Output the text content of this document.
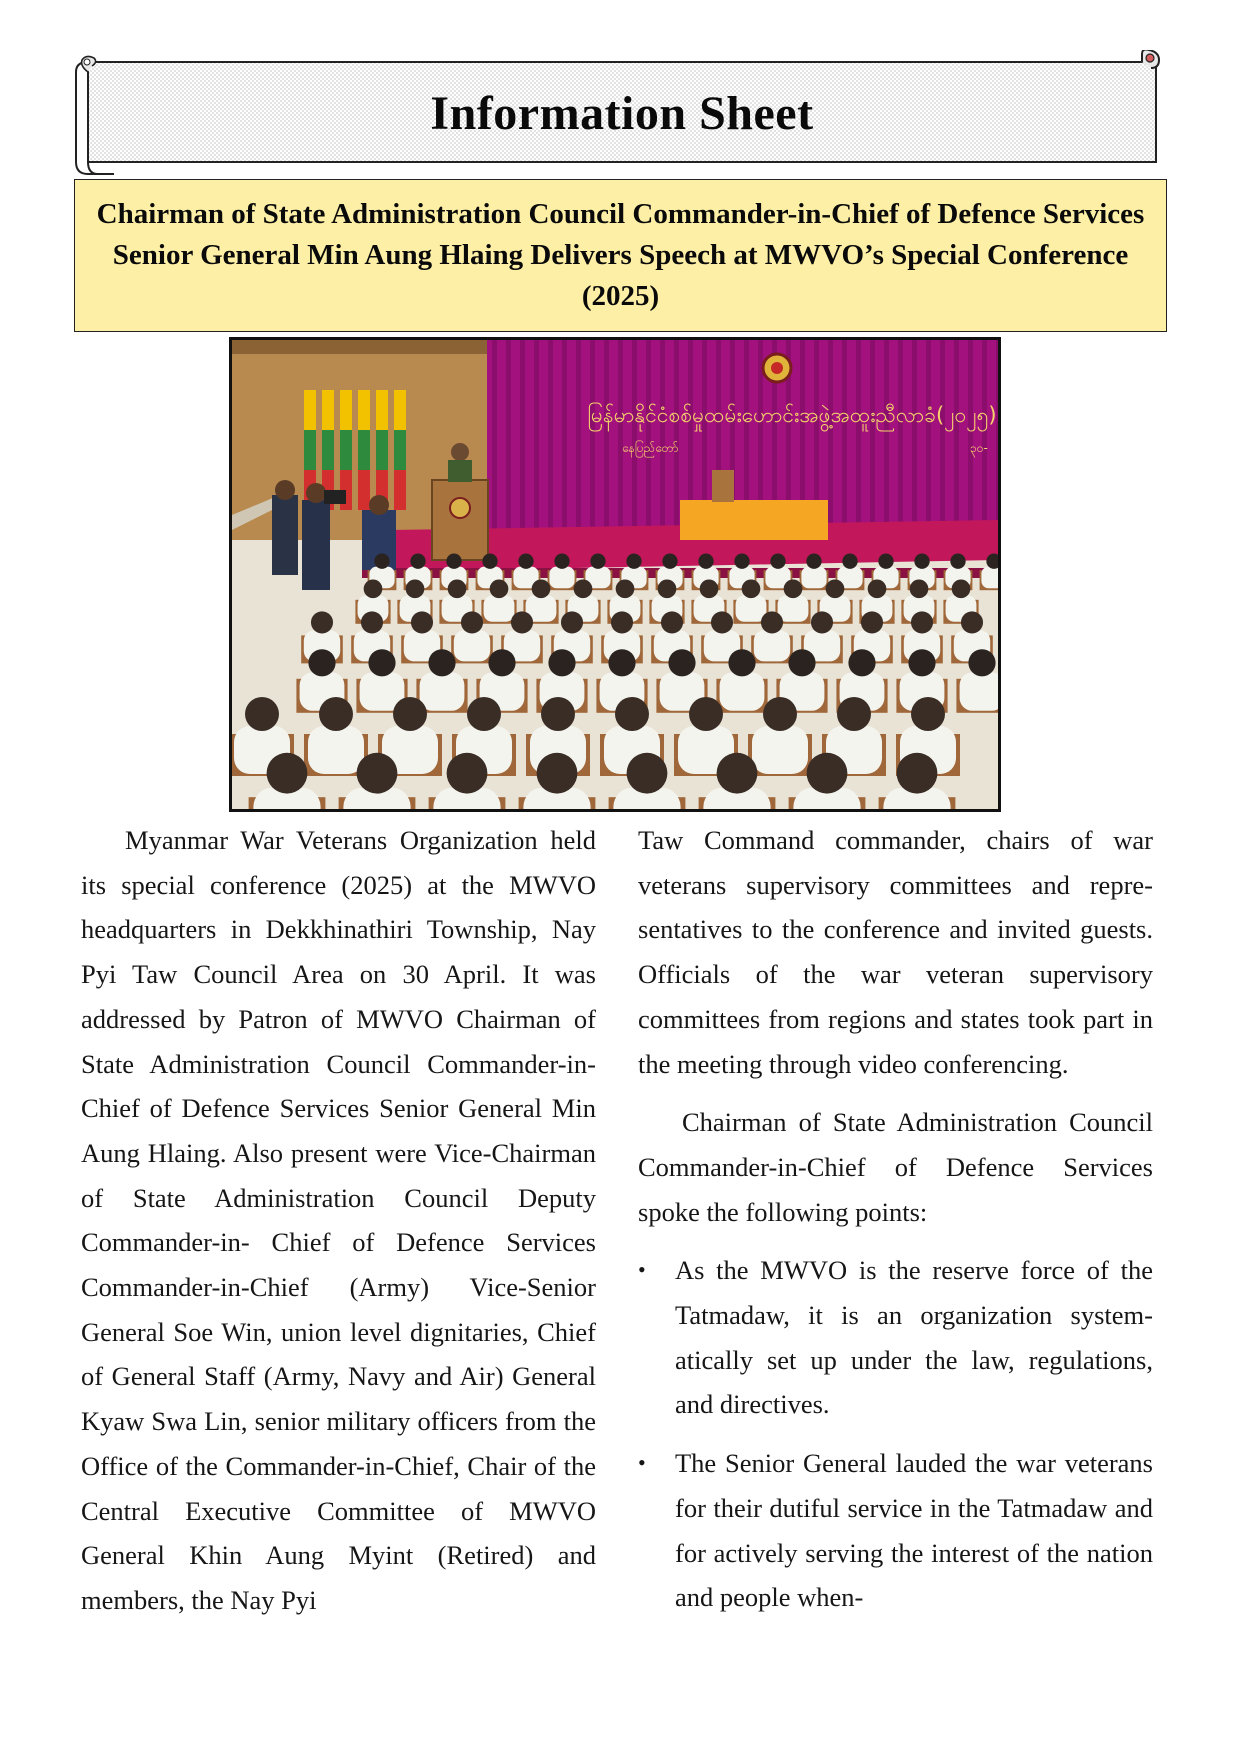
Information Sheet
Chairman of State Administration Council Commander-in-Chief of Defence Services Senior General Min Aung Hlaing Delivers Speech at MWVO’s Special Conference (2025)
မြန်မာနိုင်ငံစစ်မှုထမ်းဟောင်းအဖွဲ့အထူးညီလာခံ(၂၀၂၅)
နေပြည်တော်	၃၀-

Myanmar War Veterans Organization held its special conference (2025) at the MWVO headquarters in Dekkhinathiri Township, Nay Pyi Taw Council Area on 30 April. It was addressed by Patron of MWVO Chairman of State Administration Council Commander-in-Chief of Defence Services Senior General Min Aung Hlaing. Also present were Vice-Chairman of State Administration Council Deputy Commander-in- Chief of Defence Services Commander-in-Chief (Army) Vice-Senior General Soe Win, union level dignitaries, Chief of General Staff (Army, Navy and Air) General Kyaw Swa Lin, senior military officers from the Office of the Commander-in-Chief, Chair of the Central Executive Committee of MWVO General Khin Aung Myint (Retired) and members, the Nay Pyi

Taw Command commander, chairs of war veterans supervisory committees and representatives to the conference and invited guests. Officials of the war veteran supervisory committees from regions and states took part in the meeting through video conferencing.

Chairman of State Administration Council Commander-in-Chief of Defence Services spoke the following points:

• As the MWVO is the reserve force of the Tatmadaw, it is an organization systematically set up under the law, regulations, and directives.
• The Senior General lauded the war veterans for their dutiful service in the Tatmadaw and for actively serving the interest of the nation and people when-
